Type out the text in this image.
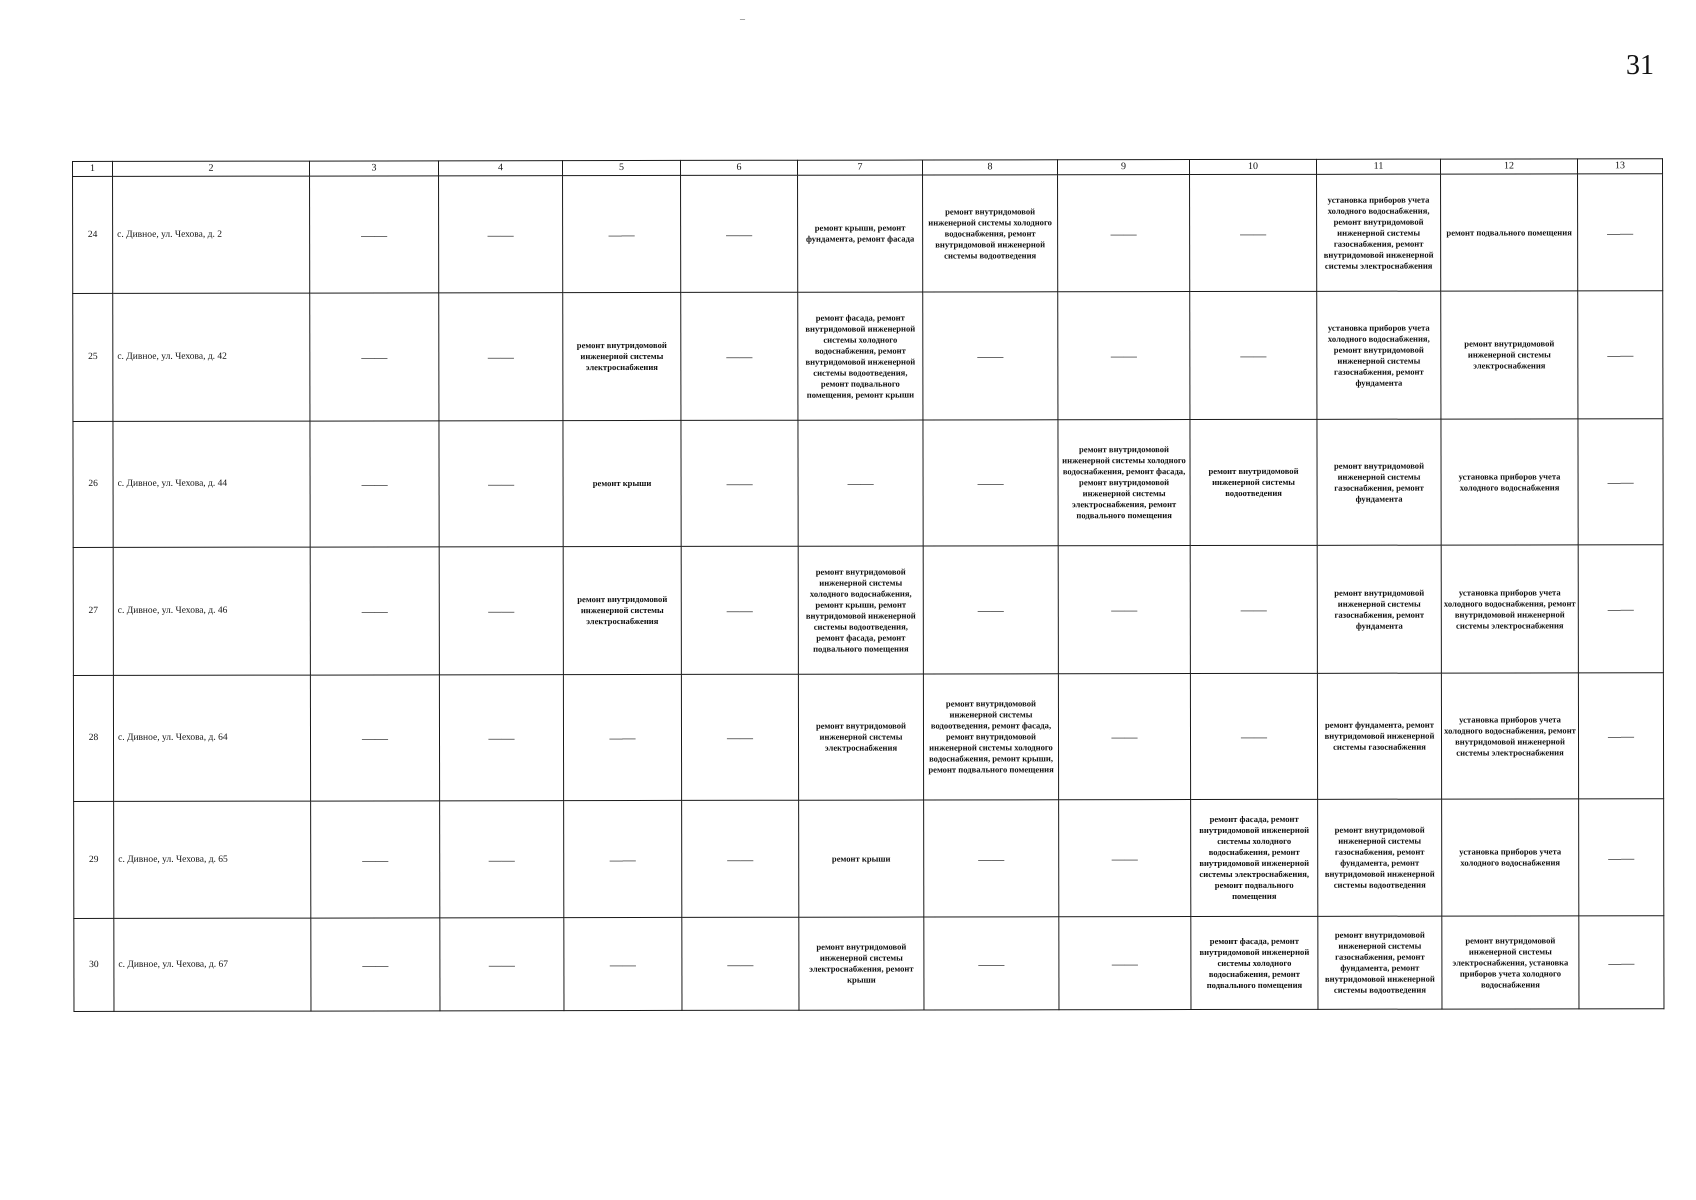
31
–
1	2	3	4	5	6	7	8	9	10	11	12	13
24	с. Дивное, ул. Чехова, д. 2	——	——	——	——	ремонт крыши, ремонт фундамента, ремонт фасада	ремонт внутридомовой инженерной системы холодного водоснабжения, ремонт внутридомовой инженерной системы водоотведения	——	——	установка приборов учета холодного водоснабжения, ремонт внутридомовой инженерной системы газоснабжения, ремонт внутридомовой инженерной системы электроснабжения	ремонт подвального помещения	——
25	с. Дивное, ул. Чехова, д. 42	——	——	ремонт внутридомовой инженерной системы электроснабжения	——	ремонт фасада, ремонт внутридомовой инженерной системы холодного водоснабжения, ремонт внутридомовой инженерной системы водоотведения, ремонт подвального помещения, ремонт крыши	——	——	——	установка приборов учета холодного водоснабжения, ремонт внутридомовой инженерной системы газоснабжения, ремонт фундамента	ремонт внутридомовой инженерной системы электроснабжения	——
26	с. Дивное, ул. Чехова, д. 44	——	——	ремонт крыши	——	——	——	ремонт внутридомовой инженерной системы холодного водоснабжения, ремонт фасада, ремонт внутридомовой инженерной системы электроснабжения, ремонт подвального помещения	ремонт внутридомовой инженерной системы водоотведения	ремонт внутридомовой инженерной системы газоснабжения, ремонт фундамента	установка приборов учета холодного водоснабжения	——
27	с. Дивное, ул. Чехова, д. 46	——	——	ремонт внутридомовой инженерной системы электроснабжения	——	ремонт внутридомовой инженерной системы холодного водоснабжения, ремонт крыши, ремонт внутридомовой инженерной системы водоотведения, ремонт фасада, ремонт подвального помещения	——	——	——	ремонт внутридомовой инженерной системы газоснабжения, ремонт фундамента	установка приборов учета холодного водоснабжения, ремонт внутридомовой инженерной системы электроснабжения	——
28	с. Дивное, ул. Чехова, д. 64	——	——	——	——	ремонт внутридомовой инженерной системы электроснабжения	ремонт внутридомовой инженерной системы водоотведения, ремонт фасада, ремонт внутридомовой инженерной системы холодного водоснабжения, ремонт крыши, ремонт подвального помещения	——	——	ремонт фундамента, ремонт внутридомовой инженерной системы газоснабжения	установка приборов учета холодного водоснабжения, ремонт внутридомовой инженерной системы электроснабжения	——
29	с. Дивное, ул. Чехова, д. 65	——	——	——	——	ремонт крыши	——	——	ремонт фасада, ремонт внутридомовой инженерной системы холодного водоснабжения, ремонт внутридомовой инженерной системы электроснабжения, ремонт подвального помещения	ремонт внутридомовой инженерной системы газоснабжения, ремонт фундамента, ремонт внутридомовой инженерной системы водоотведения	установка приборов учета холодного водоснабжения	——
30	с. Дивное, ул. Чехова, д. 67	——	——	——	——	ремонт внутридомовой инженерной системы электроснабжения, ремонт крыши	——	——	ремонт фасада, ремонт внутридомовой инженерной системы холодного водоснабжения, ремонт подвального помещения	ремонт внутридомовой инженерной системы газоснабжения, ремонт фундамента, ремонт внутридомовой инженерной системы водоотведения	ремонт внутридомовой инженерной системы электроснабжения, установка приборов учета холодного водоснабжения	——
